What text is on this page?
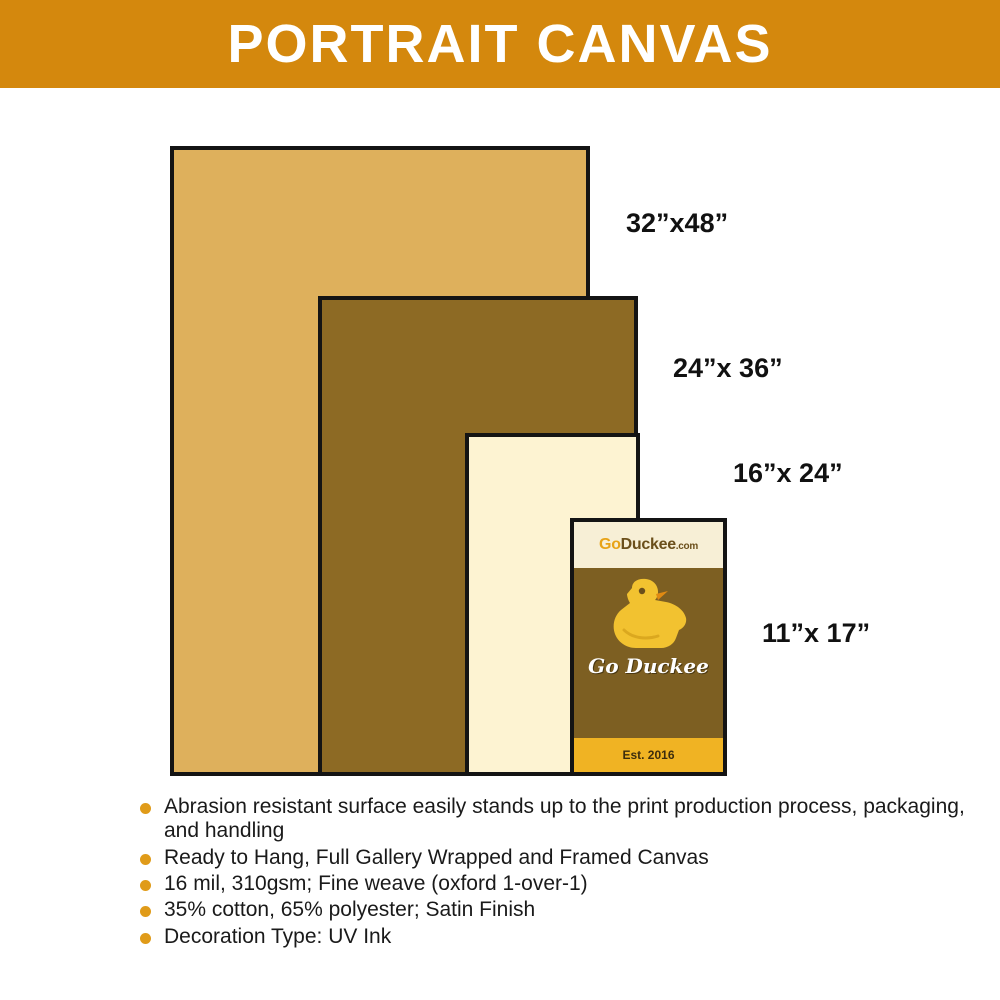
PORTRAIT CANVAS
GoDuckee.com
Go Duckee
Est. 2016
32”x48”
24”x 36”
16”x 24”
11”x 17”
Abrasion resistant surface easily stands up to the print production process, packaging, and handling
Ready to Hang, Full Gallery Wrapped and Framed Canvas
16 mil, 310gsm; Fine weave (oxford 1-over-1)
35% cotton, 65% polyester; Satin Finish
Decoration Type: UV Ink
